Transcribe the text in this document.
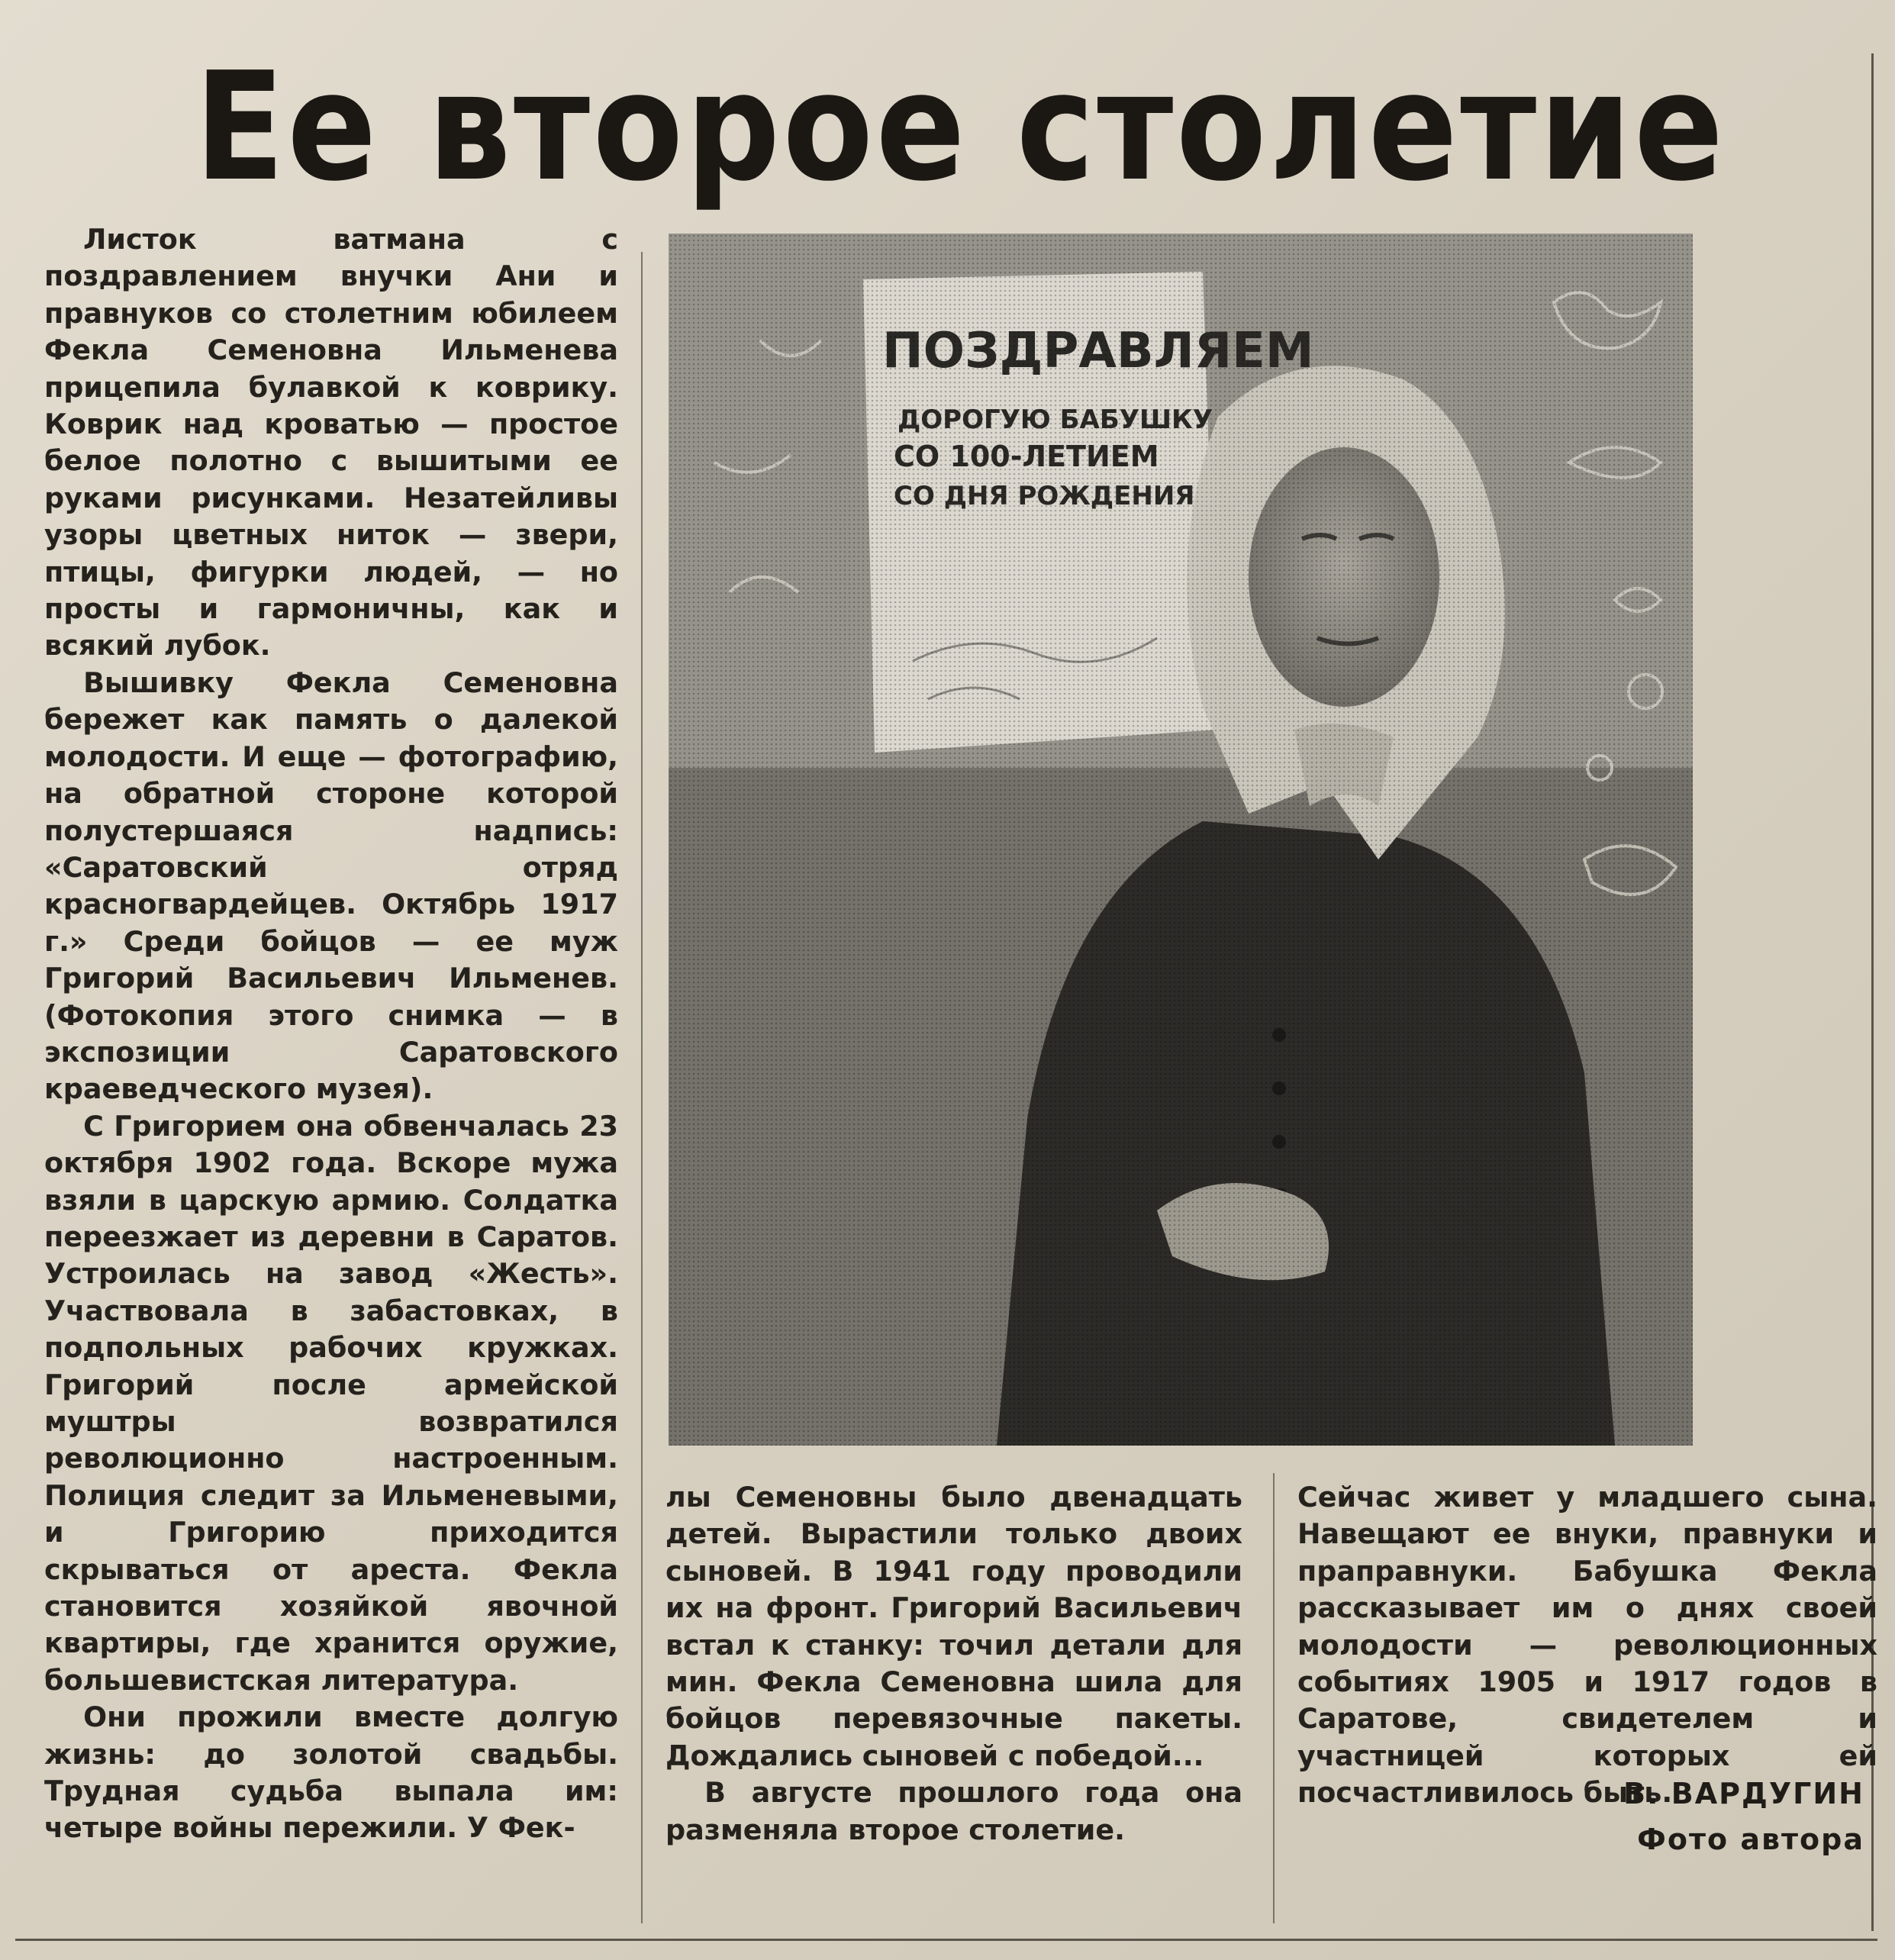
Ее второе столетие

Листок ватмана с поздравлением внучки Ани и правнуков со столетним юбилеем Фекла Семеновна Ильменева прицепила булавкой к коврику. Коврик над кроватью — простое белое полотно с вышитыми ее руками рисунками. Незатейливы узоры цветных ниток — звери, птицы, фигурки людей, — но просты и гармоничны, как и всякий лубок.

Вышивку Фекла Семеновна бережет как память о далекой молодости. И еще — фотографию, на обратной стороне которой полустершаяся надпись: «Саратовский отряд красногвардейцев. Октябрь 1917 г.» Среди бойцов — ее муж Григорий Васильевич Ильменев. (Фотокопия этого снимка — в экспозиции Саратовского краеведческого музея).

С Григорием она обвенчалась 23 октября 1902 года. Вскоре мужа взяли в царскую армию. Солдатка переезжает из деревни в Саратов. Устроилась на завод «Жесть». Участвовала в забастовках, в подпольных рабочих кружках. Григорий после армейской муштры возвратился революционно настроенным. Полиция следит за Ильменевыми, и Григорию приходится скрываться от ареста. Фекла становится хозяйкой явочной квартиры, где хранится оружие, большевистская литература.

Они прожили вместе долгую жизнь: до золотой свадьбы. Трудная судьба выпала им: четыре войны пережили. У Фек-

лы Семеновны было двенадцать детей. Вырастили только двоих сыновей. В 1941 году проводили их на фронт. Григорий Васильевич встал к станку: точил детали для мин. Фекла Семеновна шила для бойцов перевязочные пакеты. Дождались сыновей с победой...

В августе прошлого года она разменяла второе столетие.

Сейчас живет у младшего сына. Навещают ее внуки, правнуки и праправнуки. Бабушка Фекла рассказывает им о днях своей молодости — революционных событиях 1905 и 1917 годов в Саратове, свидетелем и участницей которых ей посчастливилось быть.

В. ВАРДУГИН
Фото автора
